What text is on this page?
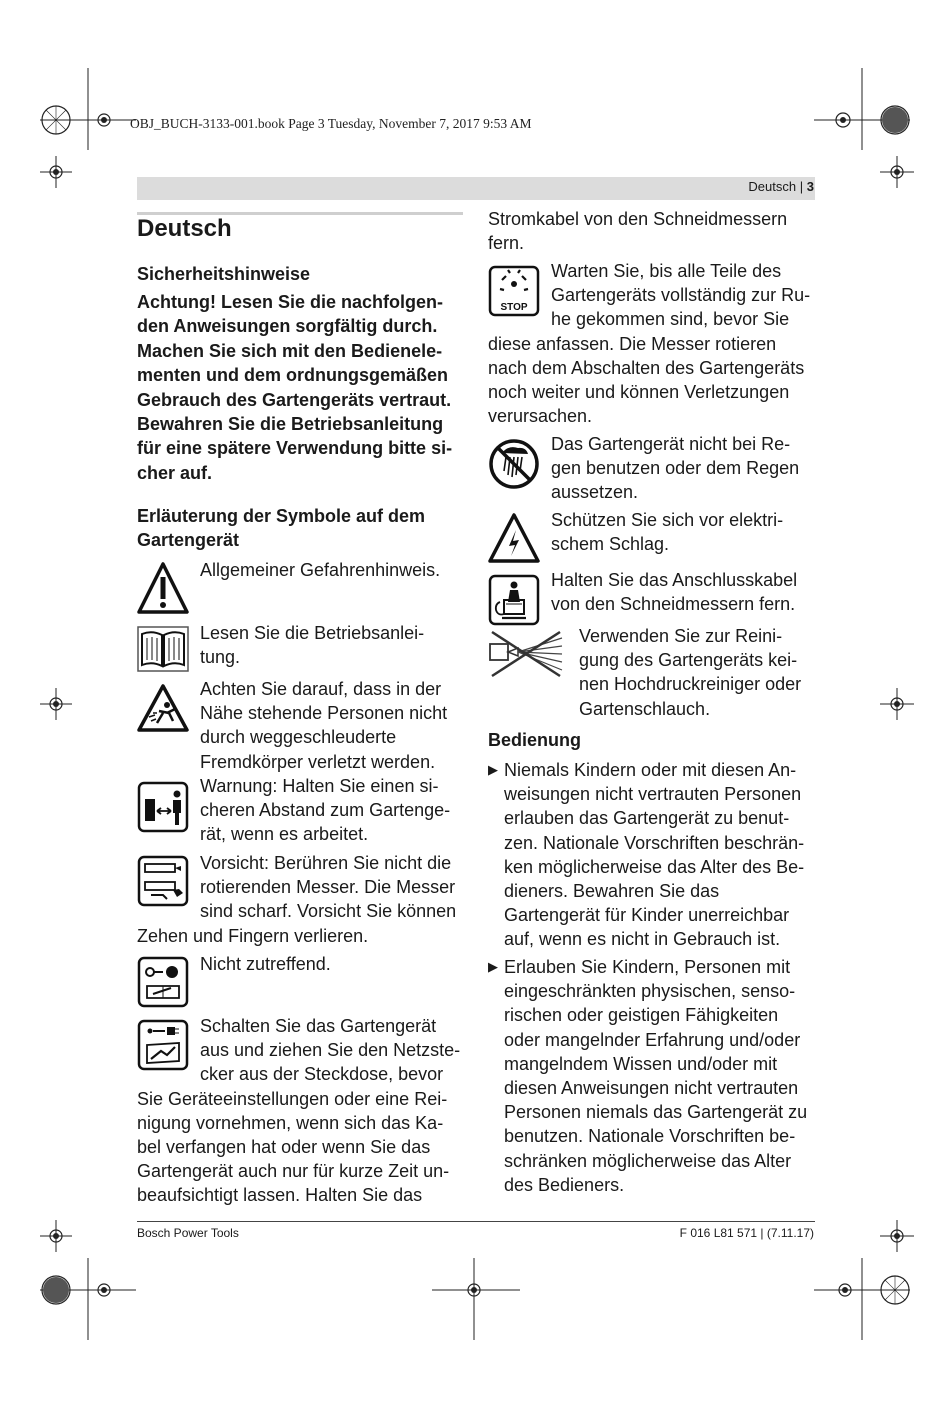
OBJ_BUCH-3133-001.book Page 3 Tuesday, November 7, 2017 9:53 AM
Deutsch | 3
Deutsch
Sicherheitshinweise
Achtung! Lesen Sie die nachfolgen-
den Anweisungen sorgfältig durch.
Machen Sie sich mit den Bedienele-
menten und dem ordnungsgemäßen
Gebrauch des Gartengeräts vertraut.
Bewahren Sie die Betriebsanleitung
für eine spätere Verwendung bitte si-
cher auf.
Erläuterung der Symbole auf dem
Gartengerät
Allgemeiner Gefahrenhinweis.
Lesen Sie die Betriebsanlei-
tung.
Achten Sie darauf, dass in der
Nähe stehende Personen nicht
durch weggeschleuderte
Fremdkörper verletzt werden.
Warnung: Halten Sie einen si-
cheren Abstand zum Gartenge-
rät, wenn es arbeitet.
Vorsicht: Berühren Sie nicht die
rotierenden Messer. Die Messer
sind scharf. Vorsicht Sie können
Zehen und Fingern verlieren.
Nicht zutreffend.
Schalten Sie das Gartengerät
aus und ziehen Sie den Netzste-
cker aus der Steckdose, bevor
Sie Geräteeinstellungen oder eine Rei-
nigung vornehmen, wenn sich das Ka-
bel verfangen hat oder wenn Sie das
Gartengerät auch nur für kurze Zeit un-
beaufsichtigt lassen. Halten Sie das
Stromkabel von den Schneidmessern
fern.
STOP
Warten Sie, bis alle Teile des
Gartengeräts vollständig zur Ru-
he gekommen sind, bevor Sie
diese anfassen. Die Messer rotieren
nach dem Abschalten des Gartengeräts
noch weiter und können Verletzungen
verursachen.
Das Gartengerät nicht bei Re-
gen benutzen oder dem Regen
aussetzen.
Schützen Sie sich vor elektri-
schem Schlag.
Halten Sie das Anschlusskabel
von den Schneidmessern fern.
Verwenden Sie zur Reini-
gung des Gartengeräts kei-
nen Hochdruckreiniger oder
Gartenschlauch.
Bedienung
▶ Niemals Kindern oder mit diesen An-
weisungen nicht vertrauten Personen
erlauben das Gartengerät zu benut-
zen. Nationale Vorschriften beschrän-
ken möglicherweise das Alter des Be-
dieners. Bewahren Sie das
Gartengerät für Kinder unerreichbar
auf, wenn es nicht in Gebrauch ist.
▶ Erlauben Sie Kindern, Personen mit
eingeschränkten physischen, senso-
rischen oder geistigen Fähigkeiten
oder mangelnder Erfahrung und/oder
mangelndem Wissen und/oder mit
diesen Anweisungen nicht vertrauten
Personen niemals das Gartengerät zu
benutzen. Nationale Vorschriften be-
schränken möglicherweise das Alter
des Bedieners.
Bosch Power Tools	F 016 L81 571 | (7.11.17)
